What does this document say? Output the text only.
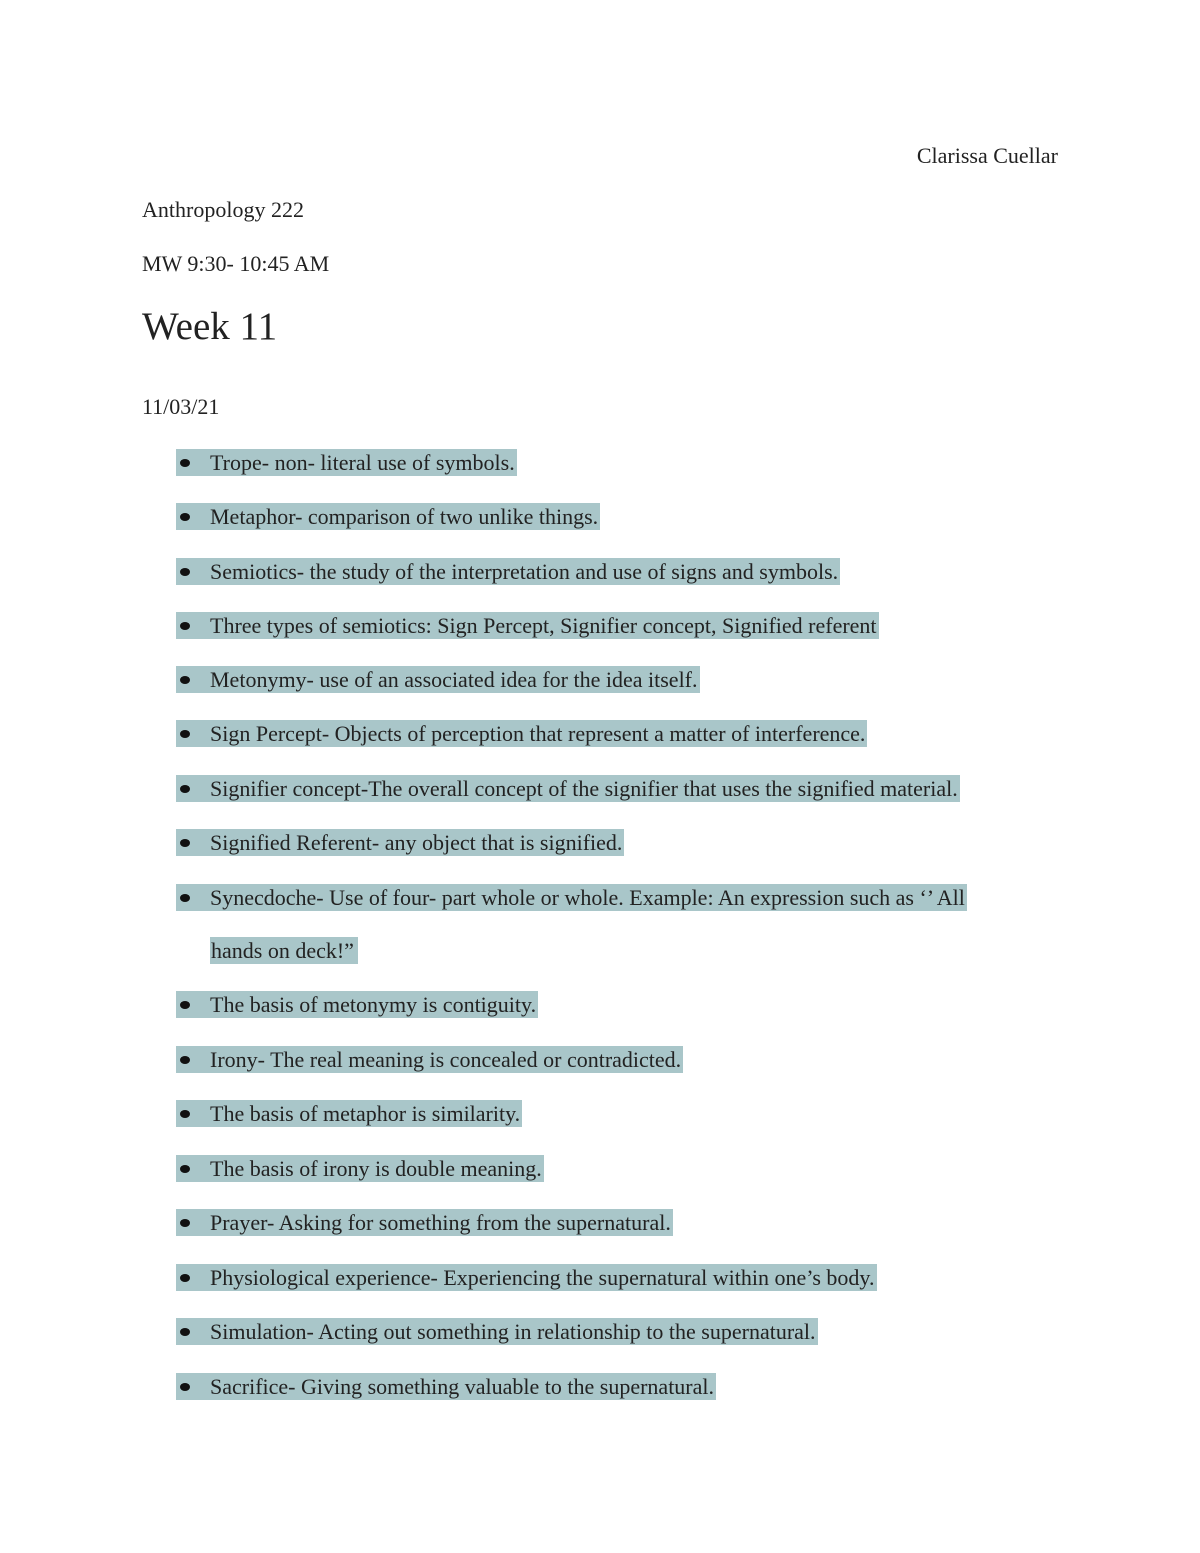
Clarissa Cuellar
Anthropology 222
MW 9:30- 10:45 AM
Week 11
11/03/21
Trope- non- literal use of symbols.
Metaphor- comparison of two unlike things.
Semiotics- the study of the interpretation and use of signs and symbols.
Three types of semiotics: Sign Percept, Signifier concept, Signified referent
Metonymy- use of an associated idea for the idea itself.
Sign Percept- Objects of perception that represent a matter of interference.
Signifier concept-The overall concept of the signifier that uses the signified material.
Signified Referent- any object that is signified.
Synecdoche- Use of four- part whole or whole. Example: An expression such as ‘’ All
hands on deck!”
The basis of metonymy is contiguity.
Irony- The real meaning is concealed or contradicted.
The basis of metaphor is similarity.
The basis of irony is double meaning.
Prayer- Asking for something from the supernatural.
Physiological experience- Experiencing the supernatural within one’s body.
Simulation- Acting out something in relationship to the supernatural.
Sacrifice- Giving something valuable to the supernatural.
